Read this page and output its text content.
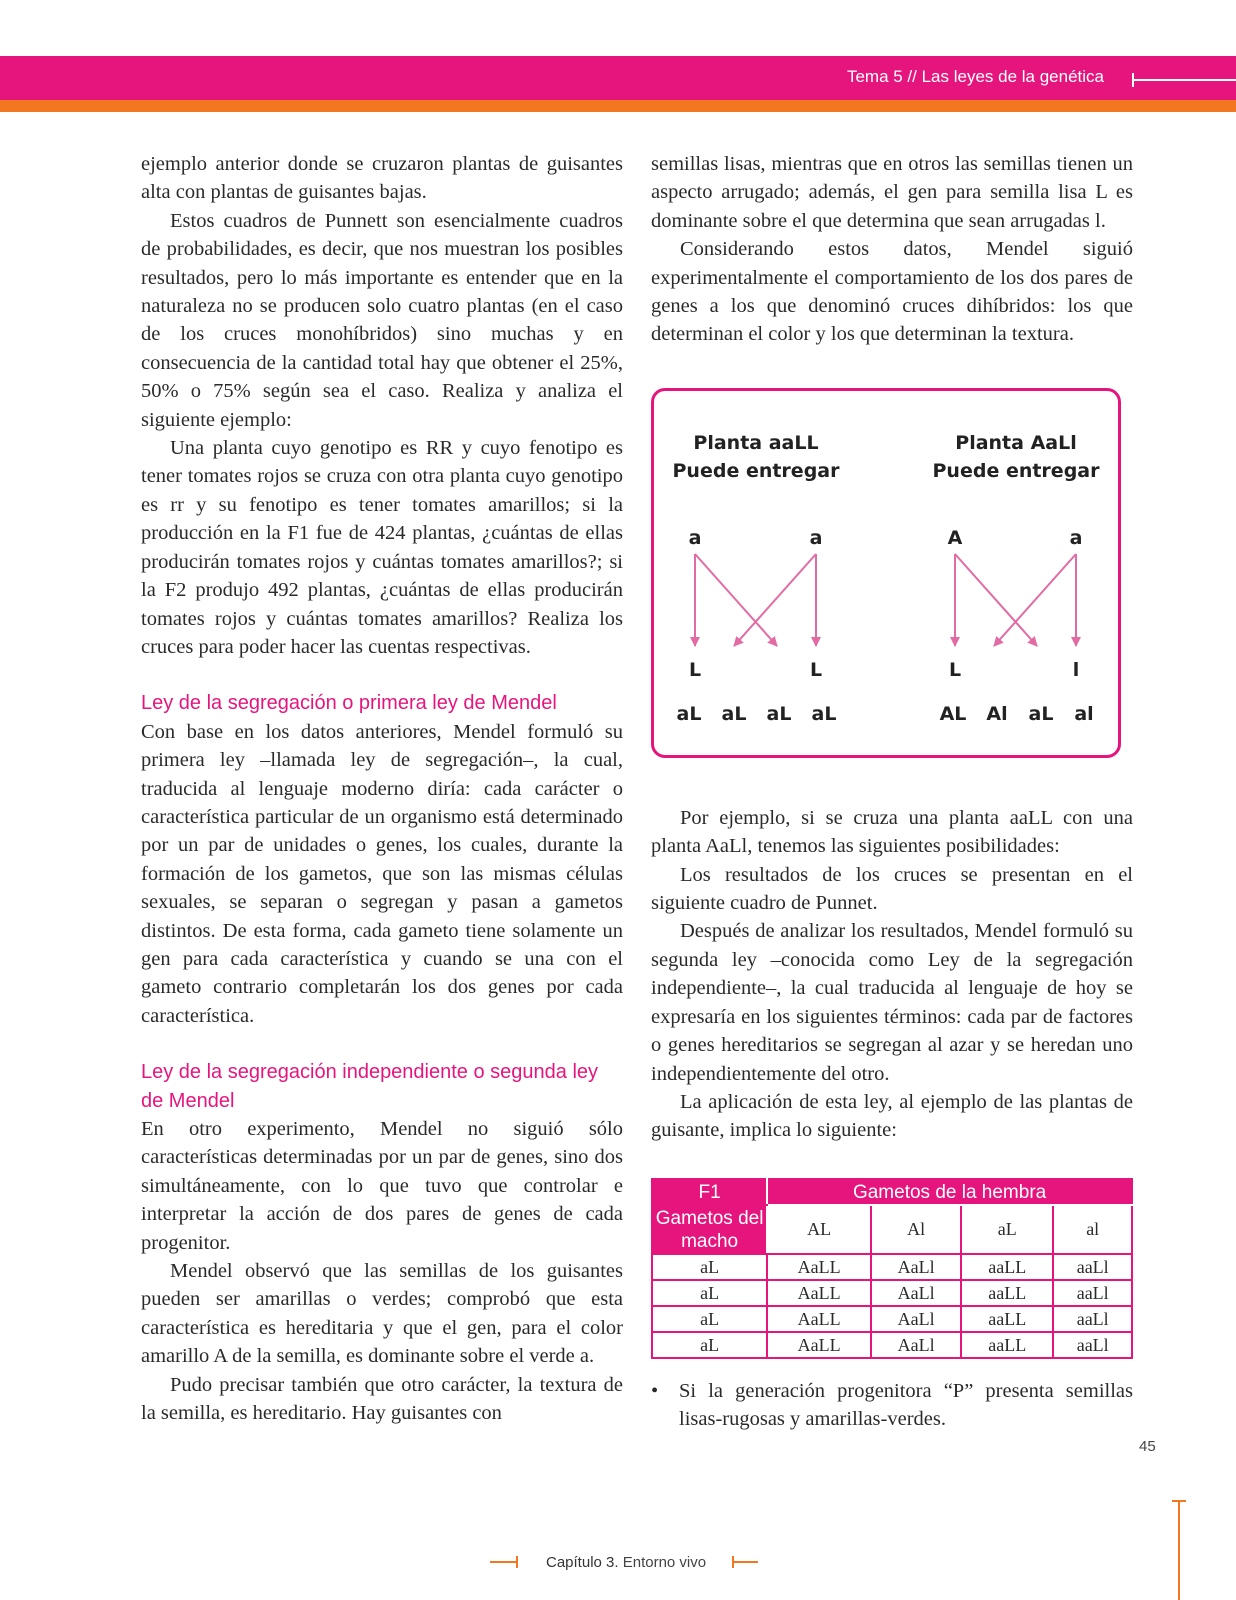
Tema 5 // Las leyes de la genética

ejemplo anterior donde se cruzaron plantas de guisantes alta con plantas de guisantes bajas.

Estos cuadros de Punnett son esencialmente cuadros de probabilidades, es decir, que nos muestran los posibles resultados, pero lo más importante es entender que en la naturaleza no se producen solo cuatro plantas (en el caso de los cruces monohíbridos) sino muchas y en consecuencia de la cantidad total hay que obtener el 25%, 50% o 75% según sea el caso. Realiza y analiza el siguiente ejemplo:

Una planta cuyo genotipo es RR y cuyo fenotipo es tener tomates rojos se cruza con otra planta cuyo genotipo es rr y su fenotipo es tener tomates amarillos; si la producción en la F1 fue de 424 plantas, ¿cuántas de ellas producirán tomates rojos y cuántas tomates amarillos?; si la F2 produjo 492 plantas, ¿cuántas de ellas producirán tomates rojos y cuántas tomates amarillos? Realiza los cruces para poder hacer las cuentas respectivas.

Ley de la segregación o primera ley de Mendel

Con base en los datos anteriores, Mendel formuló su primera ley –llamada ley de segregación–, la cual, traducida al lenguaje moderno diría: cada carácter o característica particular de un organismo está determinado por un par de unidades o genes, los cuales, durante la formación de los gametos, que son las mismas células sexuales, se separan o segregan y pasan a gametos distintos. De esta forma, cada gameto tiene solamente un gen para cada característica y cuando se una con el gameto contrario completarán los dos genes por cada característica.

Ley de la segregación independiente o segunda ley de Mendel

En otro experimento, Mendel no siguió sólo características determinadas por un par de genes, sino dos simultáneamente, con lo que tuvo que controlar e interpretar la acción de dos pares de genes de cada progenitor.

Mendel observó que las semillas de los guisantes pueden ser amarillas o verdes; comprobó que esta característica es hereditaria y que el gen, para el color amarillo A de la semilla, es dominante sobre el verde a.

Pudo precisar también que otro carácter, la textura de la semilla, es hereditario. Hay guisantes con

semillas lisas, mientras que en otros las semillas tienen un aspecto arrugado; además, el gen para semilla lisa L es dominante sobre el que determina que sean arrugadas l.

Considerando estos datos, Mendel siguió experimentalmente el comportamiento de los dos pares de genes a los que denominó cruces dihíbridos: los que determinan el color y los que determinan la textura.

Planta aaLL
Puede entregar
Planta AaLl
Puede entregar
a	a	A	a
L	L	L	l
aL	aL	aL	aL	AL	Al	aL	al

Por ejemplo, si se cruza una planta aaLL con una planta AaLl, tenemos las siguientes posibilidades:

Los resultados de los cruces se presentan en el siguiente cuadro de Punnet.

Después de analizar los resultados, Mendel formuló su segunda ley –conocida como Ley de la segregación independiente–, la cual traducida al lenguaje de hoy se expresaría en los siguientes términos: cada par de factores o genes hereditarios se segregan al azar y se heredan uno independientemente del otro.

La aplicación de esta ley, al ejemplo de las plantas de guisante, implica lo siguiente:

F1	Gametos de la hembra			
Gametos del macho	AL	Al	aL	al
aL	AaLL	AaLl	aaLL	aaLl
aL	AaLL	AaLl	aaLL	aaLl
aL	AaLL	AaLl	aaLL	aaLl
aL	AaLL	AaLl	aaLL	aaLl

• Si la generación progenitora “P” presenta semillas lisas-rugosas y amarillas-verdes.

45
Capítulo 3. Entorno vivo
